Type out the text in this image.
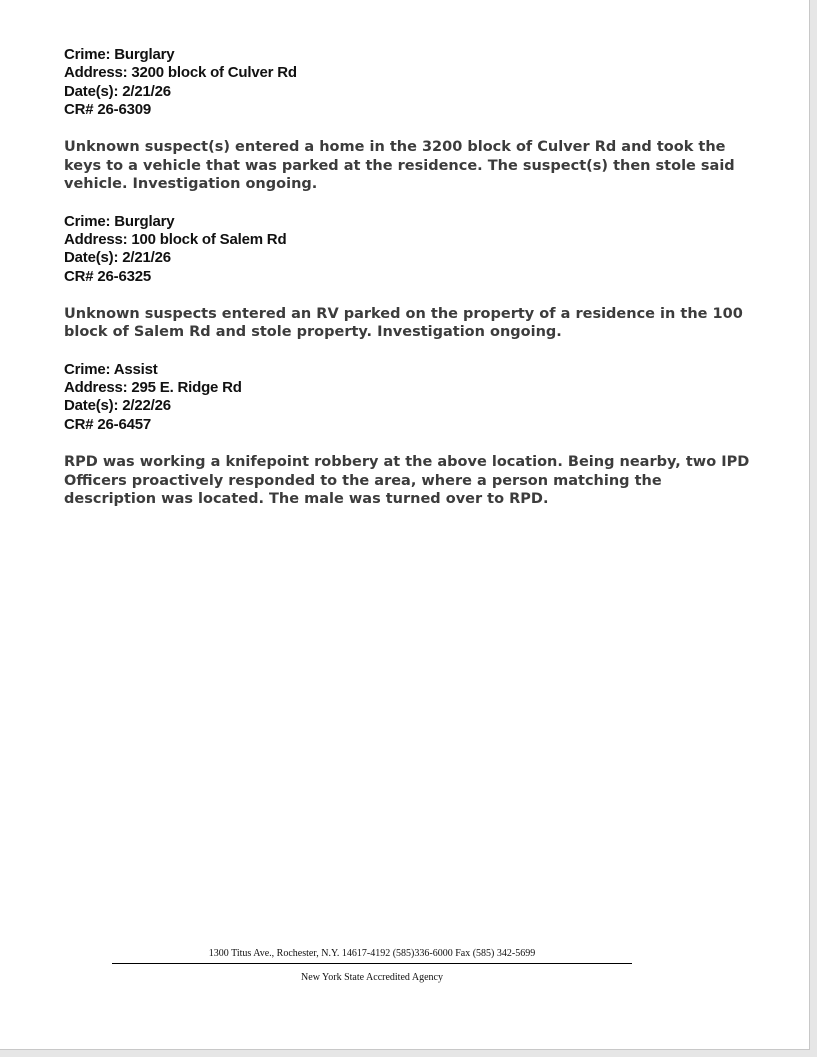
Crime: Burglary
Address: 3200 block of Culver Rd
Date(s): 2/21/26
CR# 26-6309
Unknown suspect(s) entered a home in the 3200 block of Culver Rd and took the keys to a vehicle that was parked at the residence. The suspect(s) then stole said vehicle. Investigation ongoing.
Crime: Burglary
Address: 100 block of Salem Rd
Date(s): 2/21/26
CR# 26-6325
Unknown suspects entered an RV parked on the property of a residence in the 100 block of Salem Rd and stole property. Investigation ongoing.
Crime: Assist
Address: 295 E. Ridge Rd
Date(s): 2/22/26
CR# 26-6457
RPD was working a knifepoint robbery at the above location. Being nearby, two IPD Officers proactively responded to the area, where a person matching the description was located. The male was turned over to RPD.
1300 Titus Ave., Rochester, N.Y. 14617-4192 (585)336-6000 Fax (585) 342-5699
New York State Accredited Agency
